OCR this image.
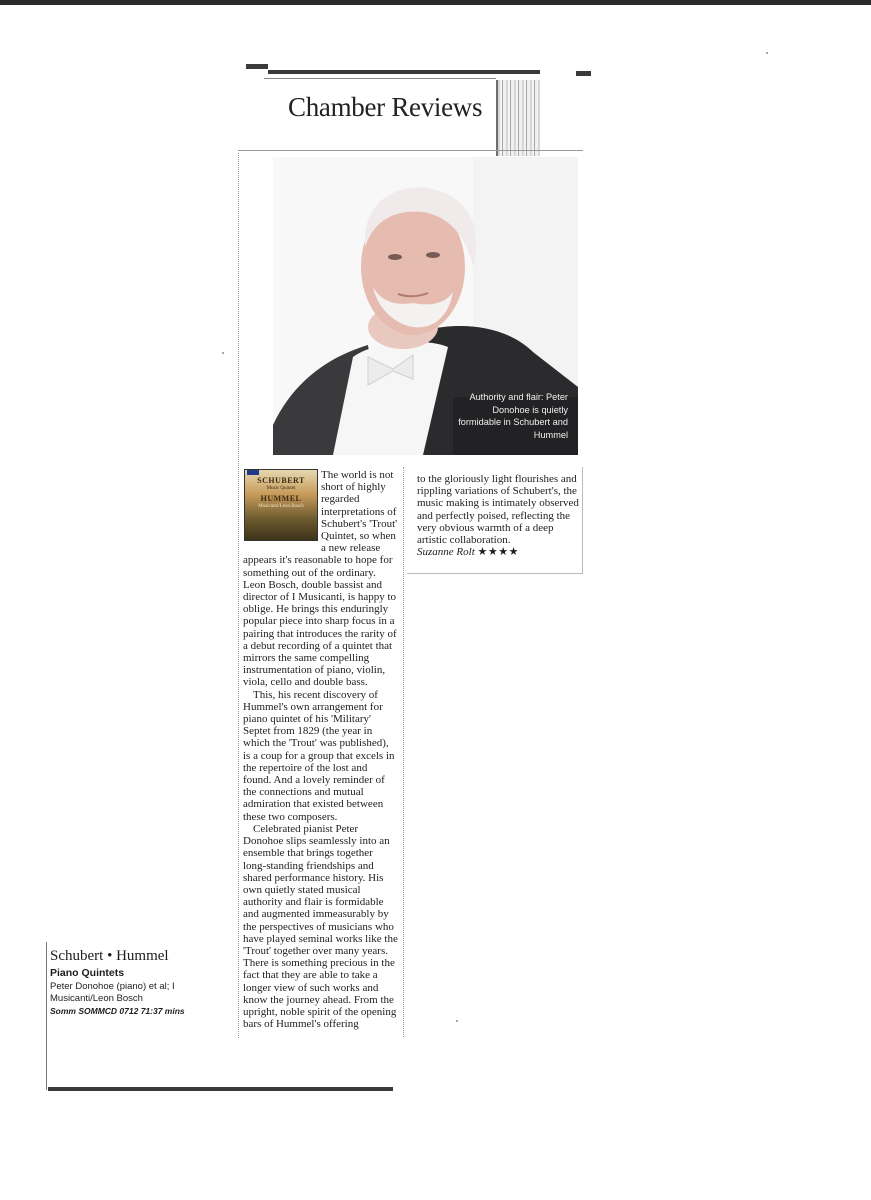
Chamber Reviews
Authority and flair: Peter Donohoe is quietly formidable in Schubert and Hummel
SCHUBERT
Music Quintet
HUMMEL
Musicanti/Leon Bosch

The world is not short of highly regarded interpretations of Schubert's 'Trout' Quintet, so when a new release appears it's reasonable to hope for something out of the ordinary. Leon Bosch, double bassist and director of I Musicanti, is happy to oblige. He brings this enduringly popular piece into sharp focus in a pairing that introduces the rarity of a debut recording of a quintet that mirrors the same compelling instrumentation of piano, violin, viola, cello and double bass.

This, his recent discovery of Hummel's own arrangement for piano quintet of his 'Military' Septet from 1829 (the year in which the 'Trout' was published), is a coup for a group that excels in the repertoire of the lost and found. And a lovely reminder of the connections and mutual admiration that existed between these two composers.

Celebrated pianist Peter Donohoe slips seamlessly into an ensemble that brings together long-standing friendships and shared performance history. His own quietly stated musical authority and flair is formidable and augmented immeasurably by the perspectives of musicians who have played seminal works like the 'Trout' together over many years. There is something precious in the fact that they are able to take a longer view of such works and know the journey ahead. From the upright, noble spirit of the opening bars of Hummel's offering

to the gloriously light flourishes and rippling variations of Schubert's, the music making is intimately observed and perfectly poised, reflecting the very obvious warmth of a deep artistic collaboration.

Suzanne Rolt ★★★★

Schubert • Hummel
Piano Quintets
Peter Donohoe (piano) et al; I Musicanti/Leon Bosch
Somm SOMMCD 0712 71:37 mins
